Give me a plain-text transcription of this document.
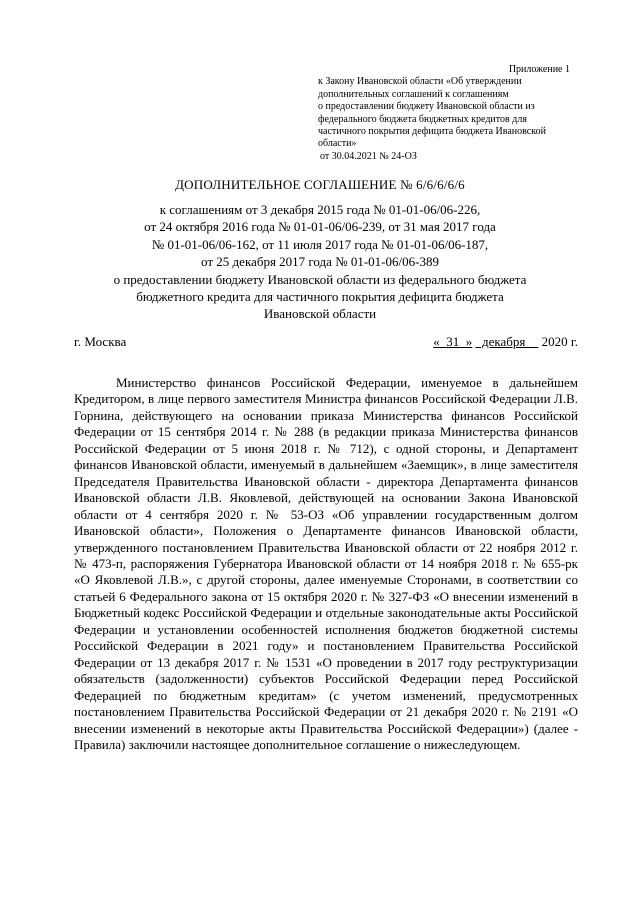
Приложение 1
к Закону Ивановской области «Об утверждении
дополнительных соглашений к соглашениям
о предоставлении бюджету Ивановской области из
федерального бюджета бюджетных кредитов для
частичного покрытия дефицита бюджета Ивановской
области»
от 30.04.2021 № 24-ОЗ
ДОПОЛНИТЕЛЬНОЕ СОГЛАШЕНИЕ № 6/6/6/6/6
к соглашениям от 3 декабря 2015 года № 01-01-06/06-226,
от 24 октября 2016 года № 01-01-06/06-239, от 31 мая 2017 года
№ 01-01-06/06-162, от 11 июля 2017 года № 01-01-06/06-187,
от 25 декабря 2017 года № 01-01-06/06-389
о предоставлении бюджету Ивановской области из федерального бюджета
бюджетного кредита для частичного покрытия дефицита бюджета
Ивановской области
г. Москва	«  31  »   декабря     2020 г.
Министерство финансов Российской Федерации, именуемое в дальнейшем Кредитором, в лице первого заместителя Министра финансов Российской Федерации Л.В. Горнина, действующего на основании приказа Министерства финансов Российской Федерации от 15 сентября 2014 г. № 288 (в редакции приказа Министерства финансов Российской Федерации от 5 июня 2018 г. № 712), с одной стороны, и Департамент финансов Ивановской области, именуемый в дальнейшем «Заемщик», в лице заместителя Председателя Правительства Ивановской области - директора Департамента финансов Ивановской области Л.В. Яковлевой, действующей на основании Закона Ивановской области от 4 сентября 2020 г. № 53-ОЗ «Об управлении государственным долгом Ивановской области», Положения о Департаменте финансов Ивановской области, утвержденного постановлением Правительства Ивановской области от 22 ноября 2012 г. № 473-п, распоряжения Губернатора Ивановской области от 14 ноября 2018 г. № 655-рк «О Яковлевой Л.В.», с другой стороны, далее именуемые Сторонами, в соответствии со статьей 6 Федерального закона от 15 октября 2020 г. № 327-ФЗ «О внесении изменений в Бюджетный кодекс Российской Федерации и отдельные законодательные акты Российской Федерации и установлении особенностей исполнения бюджетов бюджетной системы Российской Федерации в 2021 году» и постановлением Правительства Российской Федерации от 13 декабря 2017 г. № 1531 «О проведении в 2017 году реструктуризации обязательств (задолженности) субъектов Российской Федерации перед Российской Федерацией по бюджетным кредитам» (с учетом изменений, предусмотренных постановлением Правительства Российской Федерации от 21 декабря 2020 г. № 2191 «О внесении изменений в некоторые акты Правительства Российской Федерации») (далее - Правила) заключили настоящее дополнительное соглашение о нижеследующем.
